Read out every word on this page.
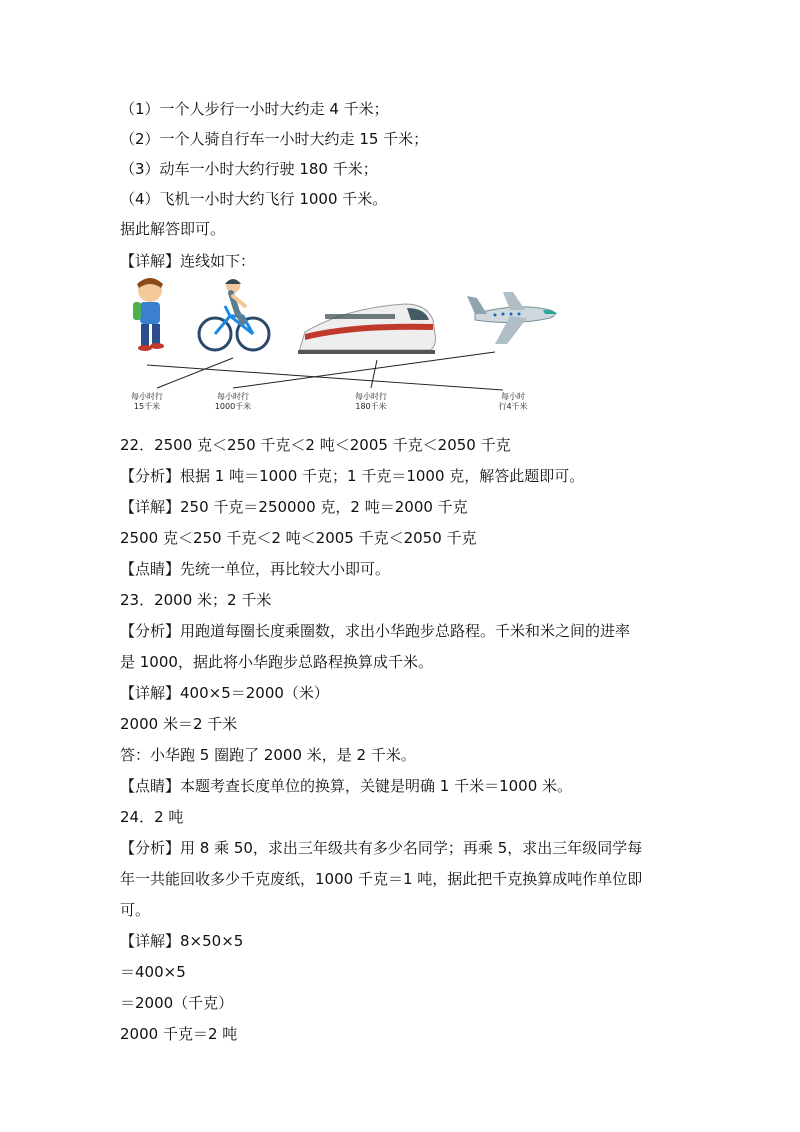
（1）一个人步行一小时大约走 4 千米；
（2）一个人骑自行车一小时大约走 15 千米；
（3）动车一小时大约行驶 180 千米；
（4）飞机一小时大约飞行 1000 千米。
据此解答即可。
【详解】连线如下：
每小时行
15千米
每小时行
1000千米
每小时行
180千米
每小时
行4千米
22．2500 克＜250 千克＜2 吨＜2005 千克＜2050 千克
【分析】根据 1 吨＝1000 千克；1 千克＝1000 克，解答此题即可。
【详解】250 千克＝250000 克，2 吨＝2000 千克
2500 克＜250 千克＜2 吨＜2005 千克＜2050 千克
【点睛】先统一单位，再比较大小即可。
23．2000 米；2 千米
【分析】用跑道每圈长度乘圈数，求出小华跑步总路程。千米和米之间的进率
是 1000，据此将小华跑步总路程换算成千米。
【详解】400×5＝2000（米）
2000 米＝2 千米
答：小华跑 5 圈跑了 2000 米，是 2 千米。
【点睛】本题考查长度单位的换算，关键是明确 1 千米＝1000 米。
24．2 吨
【分析】用 8 乘 50，求出三年级共有多少名同学；再乘 5，求出三年级同学每
年一共能回收多少千克废纸，1000 千克＝1 吨，据此把千克换算成吨作单位即
可。
【详解】8×50×5
＝400×5
＝2000（千克）
2000 千克＝2 吨
